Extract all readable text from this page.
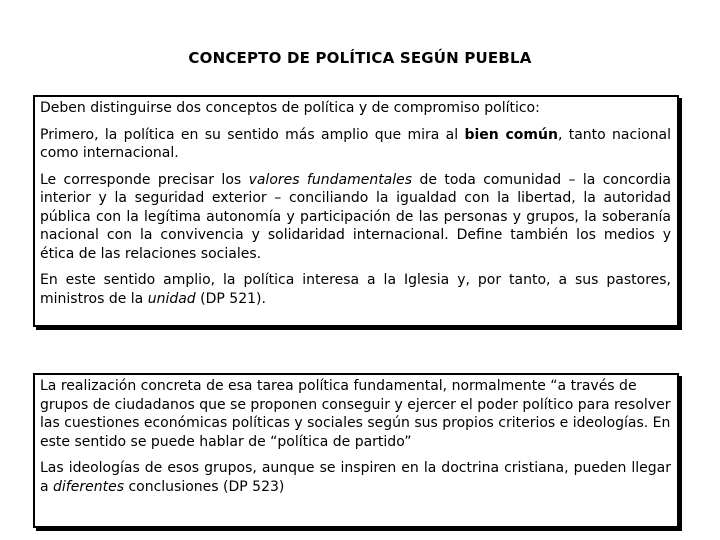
CONCEPTO DE POLÍTICA SEGÚN PUEBLA

Deben distinguirse dos conceptos de política y de compromiso político:

Primero, la política en su sentido más amplio que mira al bien común, tanto nacional como internacional.

Le corresponde precisar los valores fundamentales de toda comunidad – la concordia interior y la seguridad exterior – conciliando la igualdad con la libertad, la autoridad pública con la legítima autonomía y participación de las personas y grupos, la soberanía nacional con la convivencia y solidaridad internacional. Define también los medios y ética de las relaciones sociales.

En este sentido amplio, la política interesa a la Iglesia y, por tanto, a sus pastores, ministros de la unidad (DP 521).

La realización concreta de esa tarea política fundamental, normalmente “a través de grupos de ciudadanos que se proponen conseguir y ejercer el poder político para resolver las cuestiones económicas políticas y sociales según sus propios criterios e ideologías. En este sentido se puede hablar de “política de partido”

Las ideologías de esos grupos, aunque se inspiren en la doctrina cristiana, pueden llegar a diferentes conclusiones (DP 523)
